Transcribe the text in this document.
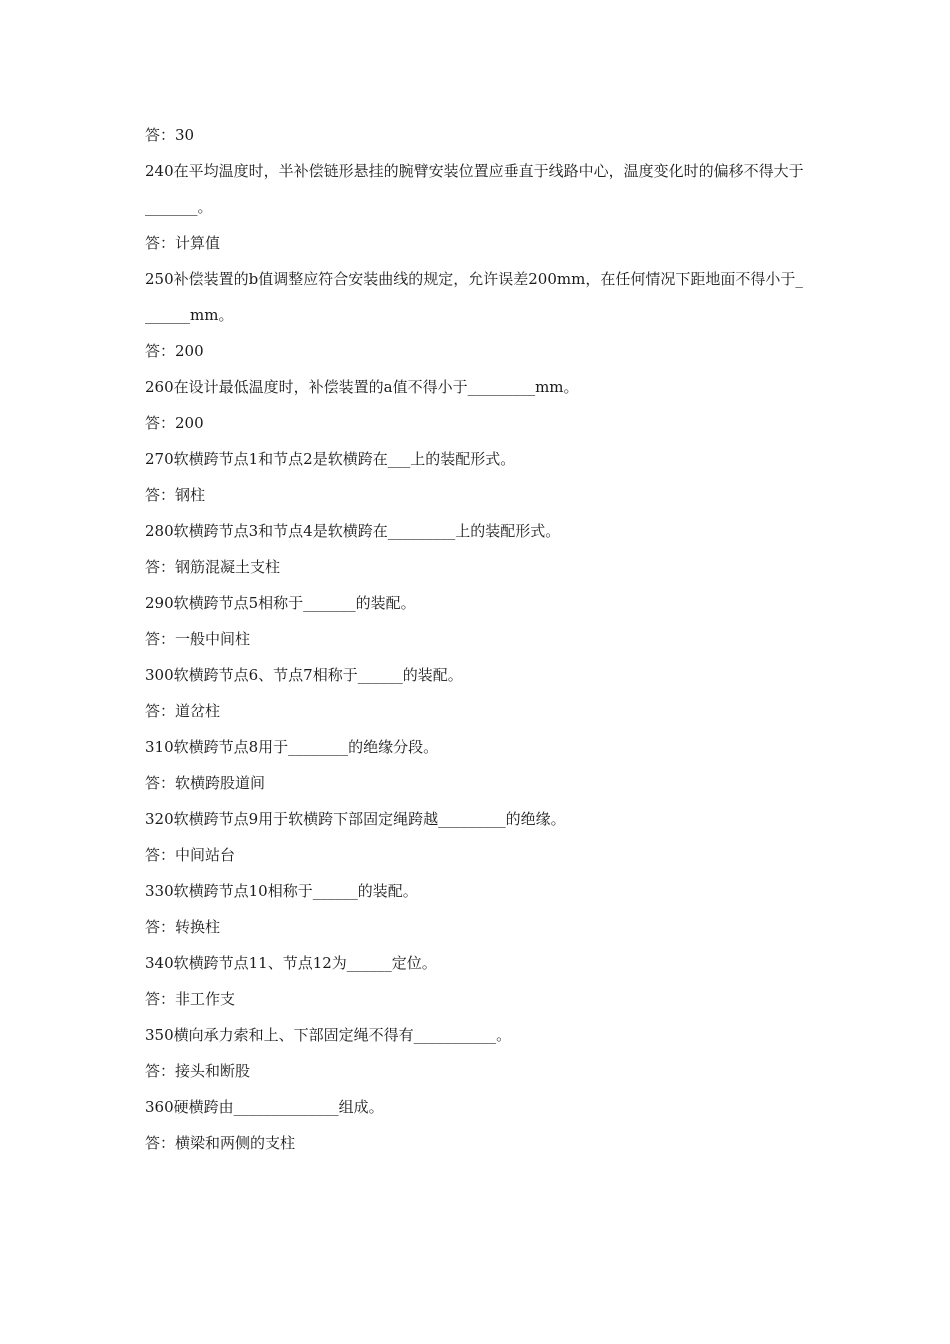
答：30
240在平均温度时，半补偿链形悬挂的腕臂安装位置应垂直于线路中心，温度变化时的偏移不得大于_______。
答：计算值
250补偿装置的b值调整应符合安装曲线的规定，允许误差200mm，在任何情况下距地面不得小于_______mm。
答：200
260在设计最低温度时，补偿装置的a值不得小于_________mm。
答：200
270软横跨节点1和节点2是软横跨在___上的装配形式。
答：钢柱
280软横跨节点3和节点4是软横跨在_________上的装配形式。
答：钢筋混凝土支柱
290软横跨节点5相称于_______的装配。
答：一般中间柱
300软横跨节点6、节点7相称于______的装配。
答：道岔柱
310软横跨节点8用于________的绝缘分段。
答：软横跨股道间
320软横跨节点9用于软横跨下部固定绳跨越_________的绝缘。
答：中间站台
330软横跨节点10相称于______的装配。
答：转换柱
340软横跨节点11、节点12为______定位。
答：非工作支
350横向承力索和上、下部固定绳不得有___________。
答：接头和断股
360硬横跨由______________组成。
答：横梁和两侧的支柱
